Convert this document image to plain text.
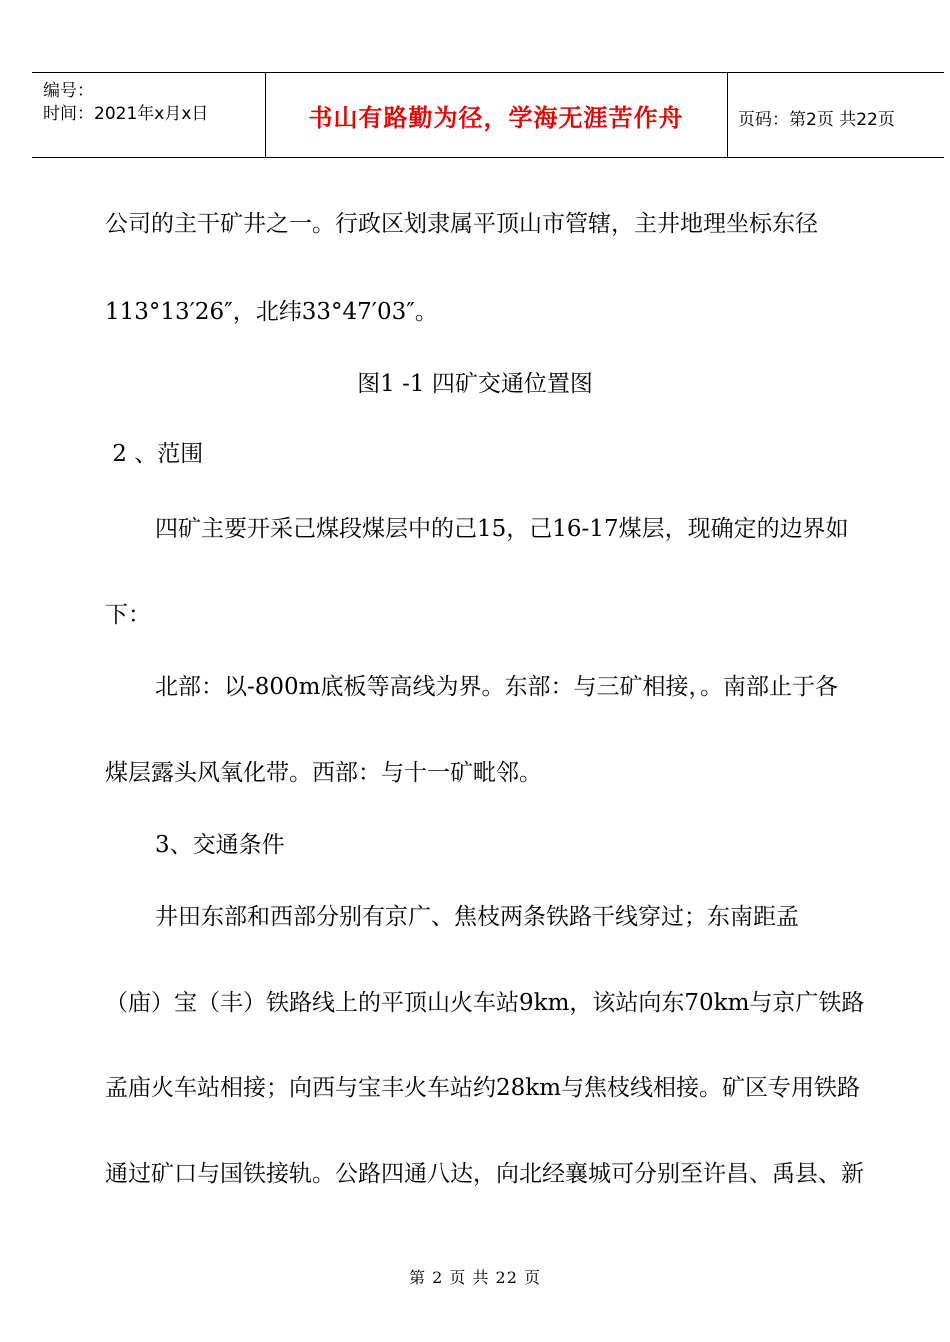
编号：
时间：2021年x月x日	书山有路勤为径，学海无涯苦作舟	页码：第2页 共22页
公司的主干矿井之一。行政区划隶属平顶山市管辖，主井地理坐标东径
113°13′26″，北纬33°47′03″。
图1 -1 四矿交通位置图
2 、范围
四矿主要开采己煤段煤层中的己15，己16-17煤层，现确定的边界如
下：
北部：以-800m底板等高线为界。东部：与三矿相接，。南部止于各
煤层露头风氧化带。西部：与十一矿毗邻。
3、交通条件
井田东部和西部分别有京广、焦枝两条铁路干线穿过；东南距孟
（庙）宝（丰）铁路线上的平顶山火车站9km，该站向东70km与京广铁路
孟庙火车站相接；向西与宝丰火车站约28km与焦枝线相接。矿区专用铁路
通过矿口与国铁接轨。公路四通八达，向北经襄城可分别至许昌、禹县、新
第 2 页 共 22 页
